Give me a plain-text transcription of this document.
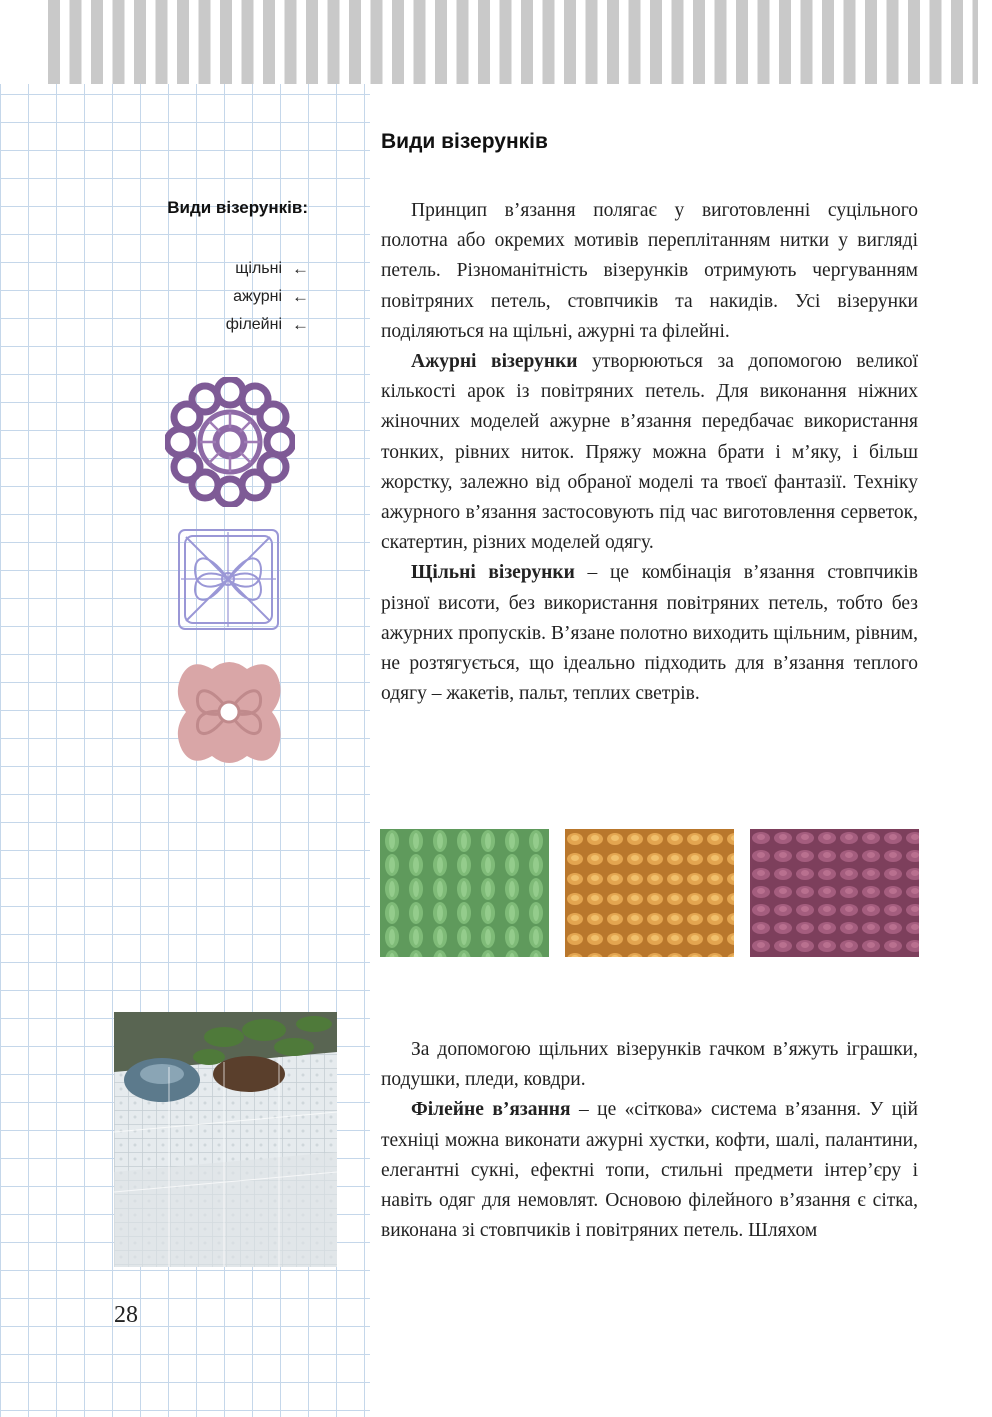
Види візерунків:
щільні ←
ажурні ←
філейні ←
28
Види візерунків

Принцип в’язання полягає у виготовленні суцільного полотна або окремих мотивів переплітанням нитки у вигляді петель. Різноманітність візерунків отримують чергуванням повітряних петель, стовпчиків та накидів. Усі візерунки поділяються на щільні, ажурні та філейні.

Ажурні візерунки утворюються за допомогою великої кількості арок із повітряних петель. Для виконання ніжних жіночних моделей ажурне в’язання передбачає використання тонких, рівних ниток. Пряжу можна брати і м’яку, і більш жорстку, залежно від обраної моделі та твоєї фантазії. Техніку ажурного в’язання застосовують під час виготовлення серветок, скатертин, різних моделей одягу.

Щільні візерунки – це комбінація в’язання стовпчиків різної висоти, без використання повітряних петель, тобто без ажурних пропусків. В’язане полотно виходить щільним, рівним, не розтягується, що ідеально підходить для в’язання теплого одягу – жакетів, пальт, теплих светрів.

За допомогою щільних візерунків гачком в’яжуть іграшки, подушки, пледи, ковдри.

Філейне в’язання – це «сіткова» система в’язання. У цій техніці можна виконати ажурні хустки, кофти, шалі, палантини, елегантні сукні, ефектні топи, стильні предмети інтер’єру і навіть одяг для немовлят. Основою філейного в’язання є сітка, виконана зі стовпчиків і повітряних петель. Шляхом
